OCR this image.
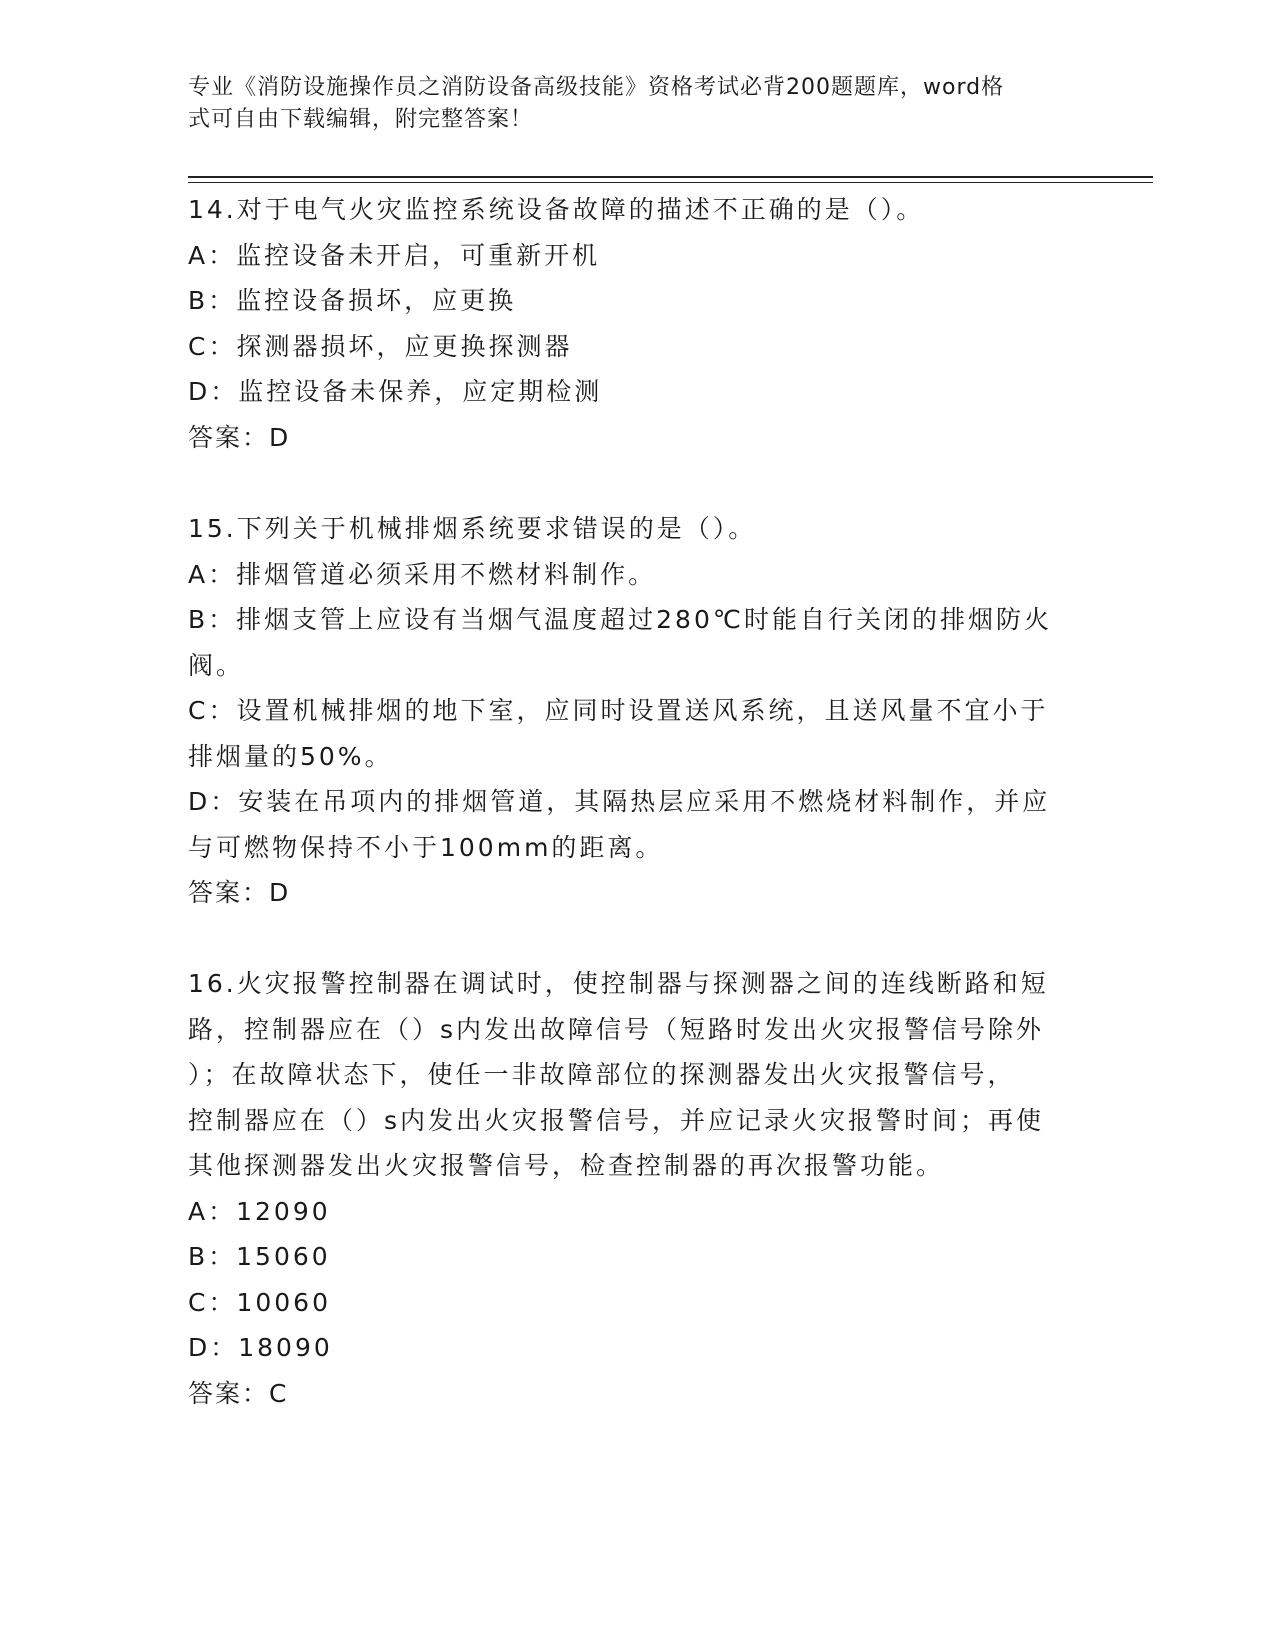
专业《消防设施操作员之消防设备高级技能》资格考试必背200题题库，word格
式可自由下载编辑，附完整答案！

14.对于电气火灾监控系统设备故障的描述不正确的是（）。

A：监控设备未开启，可重新开机

B：监控设备损坏，应更换

C：探测器损坏，应更换探测器

D：监控设备未保养，应定期检测

答案：D

15.下列关于机械排烟系统要求错误的是（）。

A：排烟管道必须采用不燃材料制作。

B：排烟支管上应设有当烟气温度超过280℃时能自行关闭的排烟防火
阀。

C：设置机械排烟的地下室，应同时设置送风系统，且送风量不宜小于
排烟量的50%。

D：安装在吊项内的排烟管道，其隔热层应采用不燃烧材料制作，并应
与可燃物保持不小于100mm的距离。

答案：D

16.火灾报警控制器在调试时，使控制器与探测器之间的连线断路和短
路，控制器应在（）s内发出故障信号（短路时发出火灾报警信号除外
）；在故障状态下，使任一非故障部位的探测器发出火灾报警信号，
控制器应在（）s内发出火灾报警信号，并应记录火灾报警时间；再使
其他探测器发出火灾报警信号，检查控制器的再次报警功能。

A：12090

B：15060

C：10060

D：18090

答案：C
